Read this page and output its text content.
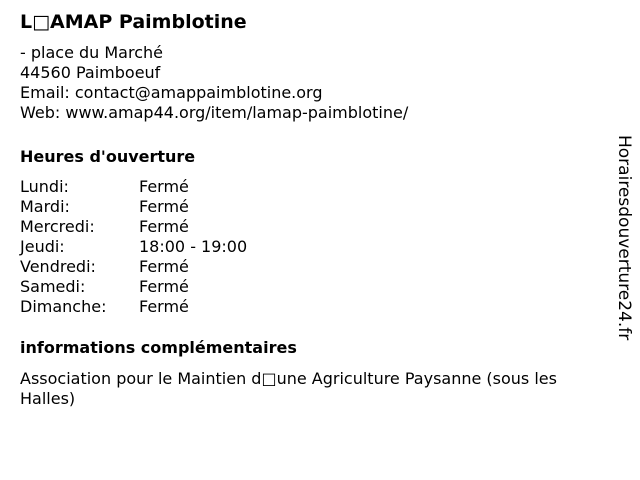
L□AMAP Paimblotine
- place du Marché
44560 Paimboeuf
Email: contact@amappaimblotine.org
Web: www.amap44.org/item/lamap-paimblotine/
Heures d'ouverture
Lundi:	Fermé
Mardi:	Fermé
Mercredi:	Fermé
Jeudi:	18:00 - 19:00
Vendredi:	Fermé
Samedi:	Fermé
Dimanche:	Fermé
informations complémentaires
Association pour le Maintien d□une Agriculture Paysanne (sous les Halles)
Horairesdouverture24.fr
